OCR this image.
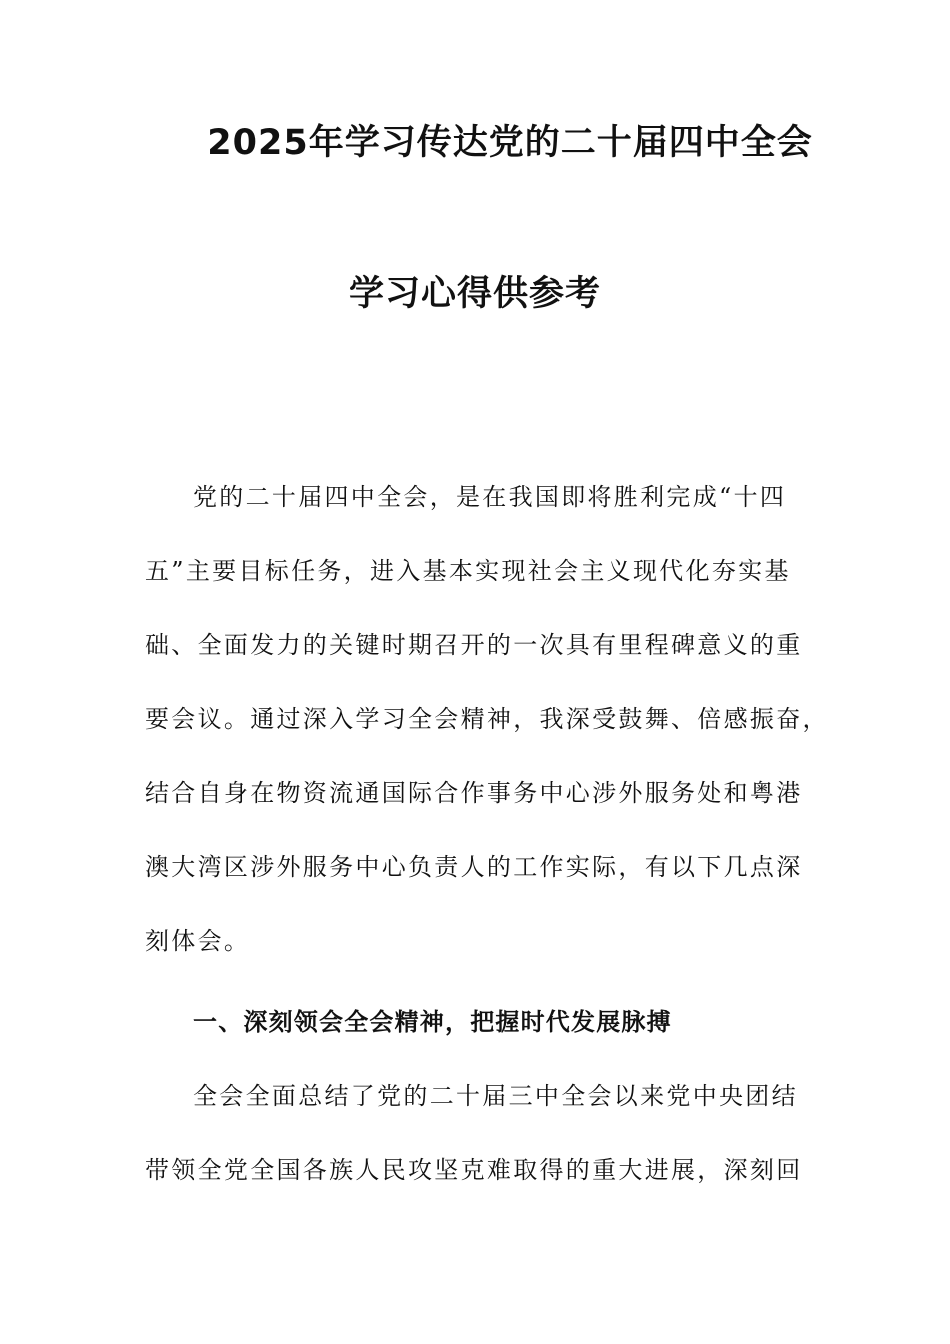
2025年学习传达党的二十届四中全会
学习心得供参考
党的二十届四中全会，是在我国即将胜利完成“十四
五”主要目标任务，进入基本实现社会主义现代化夯实基
础、全面发力的关键时期召开的一次具有里程碑意义的重
要会议。通过深入学习全会精神，我深受鼓舞、倍感振奋，
结合自身在物资流通国际合作事务中心涉外服务处和粤港
澳大湾区涉外服务中心负责人的工作实际，有以下几点深
刻体会。
一、深刻领会全会精神，把握时代发展脉搏
全会全面总结了党的二十届三中全会以来党中央团结
带领全党全国各族人民攻坚克难取得的重大进展，深刻回
